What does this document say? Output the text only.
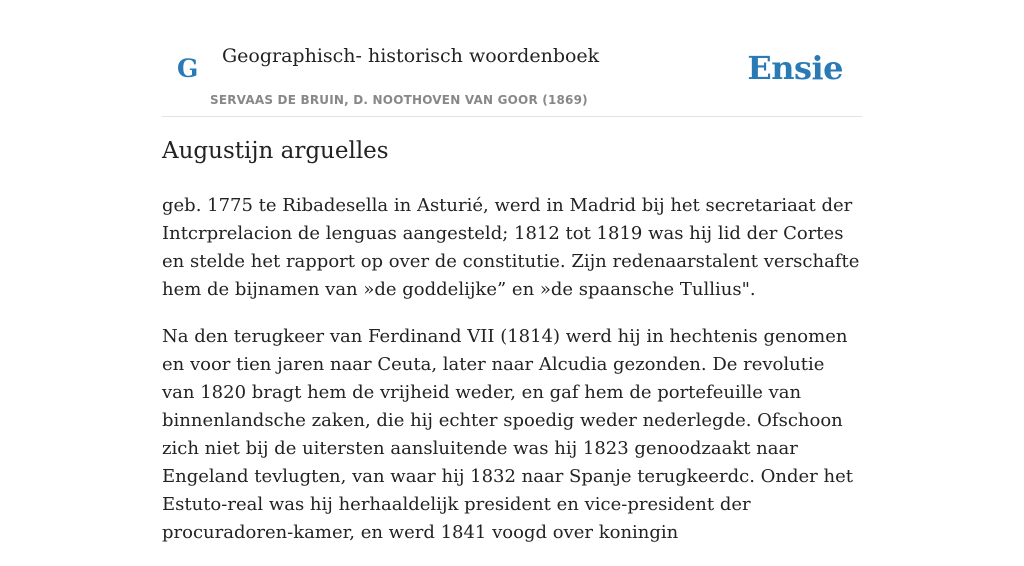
G Geographisch- historisch woordenboek
SERVAAS DE BRUIN, D. NOOTHOVEN VAN GOOR (1869)
Ensie
Augustijn arguelles

geb. 1775 te Ribadesella in Asturié, werd in Madrid bij het secretariaat der Intcrprelacion de lenguas aangesteld; 1812 tot 1819 was hij lid der Cortes en stelde het rapport op over de constitutie. Zijn redenaarstalent verschafte hem de bijnamen van »de goddelijke” en »de spaansche Tullius".

Na den terugkeer van Ferdinand VII (1814) werd hij in hechtenis genomen en voor tien jaren naar Ceuta, later naar Alcudia gezonden. De revolutie van 1820 bragt hem de vrijheid weder, en gaf hem de portefeuille van binnenlandsche zaken, die hij echter spoedig weder nederlegde. Ofschoon zich niet bij de uitersten aansluitende was hij 1823 genoodzaakt naar Engeland tevlugten, van waar hij 1832 naar Spanje terugkeerdc. Onder het Estuto-real was hij herhaaldelijk president en vice-president der procuradoren-kamer, en werd 1841 voogd over koningin
